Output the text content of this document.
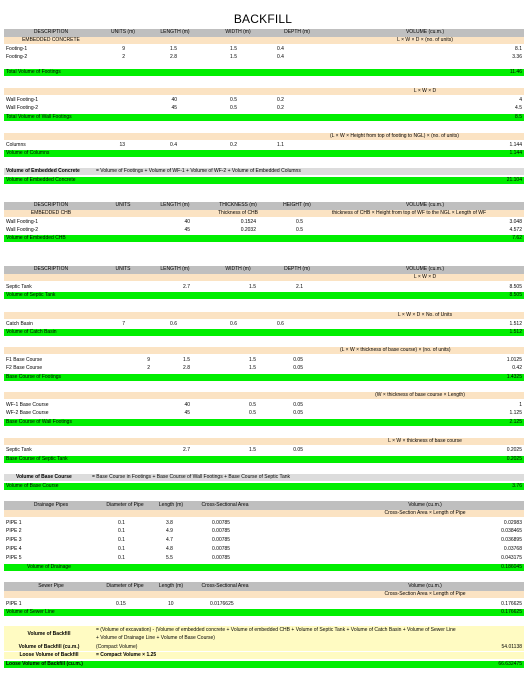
BACKFILL
DESCRIPTION	UNITS (m)	LENGTH (m)	WIDTH (m)	DEPTH (m)	VOLUME (cu.m.)
EMBEDDED CONCRETE	L × W × D × (no. of units)
Footing-1	9	1.5	1.5	0.4	8.1
Footing-2	2	2.8	1.5	0.4	3.36
Total Volume of Footings	11.46
L × W × D
Wall Footing-1	40	0.5	0.2	4
Wall Footing-2	45	0.5	0.2	4.5
Total Volume of Wall Footings	8.5
(L × W × Height from top of footing to NGL) × (no. of units)
Columns	13	0.4	0.2	1.1	1.144
Volume of Columns	1.144
Volume of Embedded Concrete	= Volume of Footings + Volume of WF-1 + Volume of WF-2 + Volume of Embedded Columns
Volume of Embedded Concrete	21.104
DESCRIPTION	UNITS	LENGTH (m)	THICKNESS (m)	HEIGHT (m)	VOLUME (cu.m.)
EMBEDDED CHB	Thickness of CHB	thickness of CHB × Height from top of WF to the NGL × Length of WF
Wall Footing-1	40	0.1524	0.5	3.048
Wall Footing-2	45	0.2032	0.5	4.572
Volume of Embedded CHB	7.62
DESCRIPTION	UNITS	LENGTH (m)	WIDTH (m)	DEPTH (m)	VOLUME (cu.m.)
L × W × D
Septic Tank	2.7	1.5	2.1	8.505
Volume of Septic Tank	8.505
L × W × D × No. of Units
Catch Basin	7	0.6	0.6	0.6	1.512
Volume of Catch Basin	1.512
(L × W × thickness of base course) × (no. of units)
F1 Base Course	9	1.5	1.5	0.05	1.0125
F2 Base Course	2	2.8	1.5	0.05	0.42
Base Course of Footings	1.4325
(W × thickness of base course × Length)
WF-1 Base Course	40	0.5	0.05	1
WF-2 Base Course	45	0.5	0.05	1.125
Base Course of Wall Footings	2.125
L × W × thickness of base course
Septic Tank	2.7	1.5	0.05	0.2025
Base Course of Septic Tank	0.2025
Volume of Base Course	= Base Course in Footings + Base Course of Wall Footings + Base Course of Septic Tank
Volume of Base Course	3.76
Drainage Pipes	Diameter of Pipe	Length (m)	Cross-Sectional Area	Volume (cu.m.)
Cross-Section Area × Length of Pipe
PIPE 1	0.1	3.8	0.00785	0.02983
PIPE 2	0.1	4.9	0.00785	0.038465
PIPE 3	0.1	4.7	0.00785	0.036895
PIPE 4	0.1	4.8	0.00785	0.03768
PIPE 5	0.1	5.5	0.00785	0.043175
Volume of Drainage	0.186045
Sewer Pipe	Diameter of Pipe	Length (m)	Cross-Sectional Area	Volume (cu.m.)
Cross-Section Area × Length of Pipe
PIPE 1	0.15	10	0.0176625	0.176625
Volume of Sewer Line	0.176625
Volume of Backfill
= (Volume of excavation) - (Volume of embedded concrete + Volume of embedded CHB + Volume of Septic Tank + Volume of Catch Basin + Volume of Sewer Line
+ Volume of Drainage Line + Volume of Base Course)
Volume of Backfill (cu.m.)	(Compact Volume)	54.01138
Loose Volume of Backfill	= Compact Volume × 1.25
Loose Volume of Backfill (cu.m.)	66.632475
